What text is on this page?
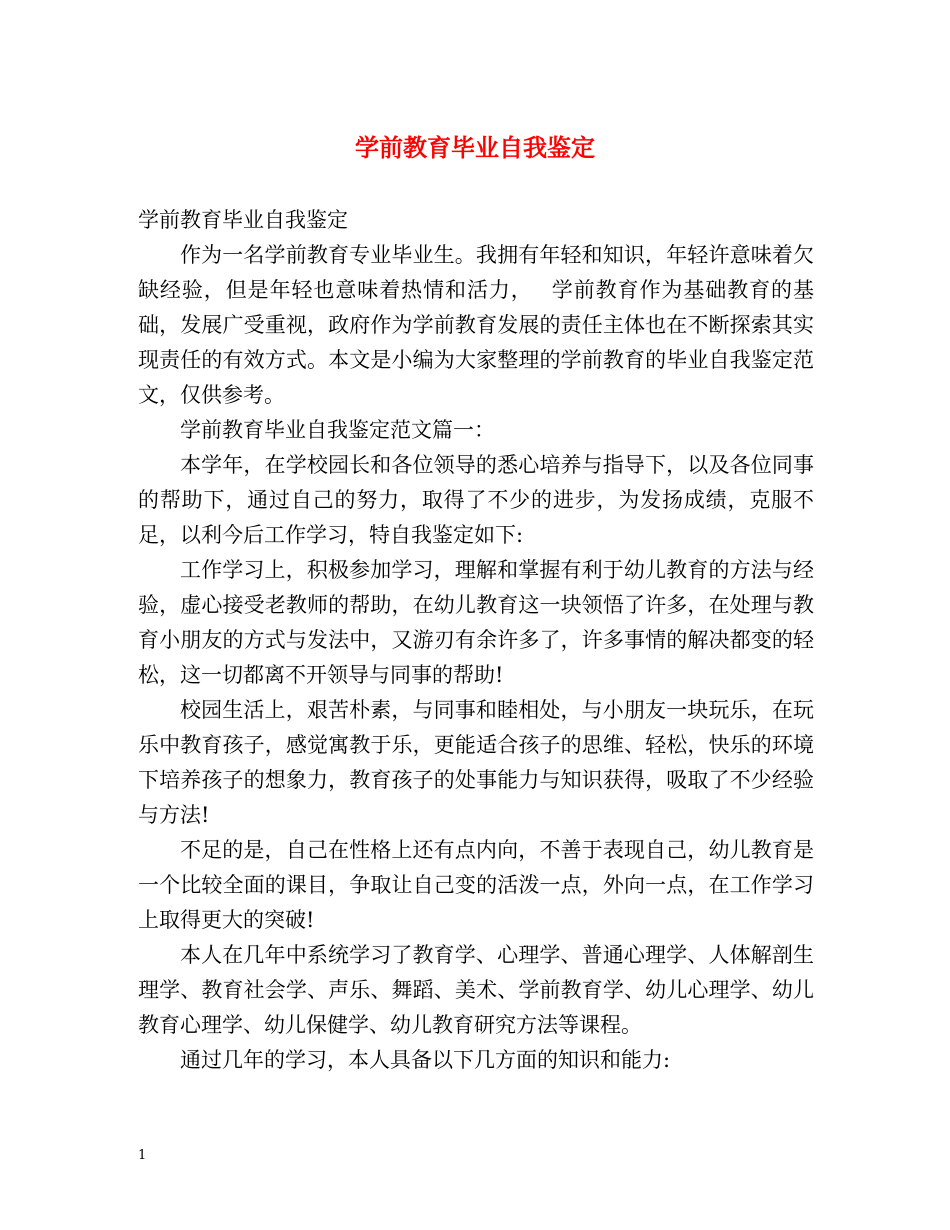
学前教育毕业自我鉴定

学前教育毕业自我鉴定

作为一名学前教育专业毕业生。我拥有年轻和知识，年轻许意味着欠缺经验，但是年轻也意味着热情和活力，　 学前教育作为基础教育的基础，发展广受重视，政府作为学前教育发展的责任主体也在不断探索其实现责任的有效方式。本文是小编为大家整理的学前教育的毕业自我鉴定范文，仅供参考。

学前教育毕业自我鉴定范文篇一：

本学年，在学校园长和各位领导的悉心培养与指导下，以及各位同事的帮助下，通过自己的努力，取得了不少的进步，为发扬成绩，克服不足，以利今后工作学习，特自我鉴定如下:

工作学习上，积极参加学习，理解和掌握有利于幼儿教育的方法与经验，虚心接受老教师的帮助，在幼儿教育这一块领悟了许多，在处理与教育小朋友的方式与发法中，又游刃有余许多了，许多事情的解决都变的轻松，这一切都离不开领导与同事的帮助!

校园生活上，艰苦朴素，与同事和睦相处，与小朋友一块玩乐，在玩乐中教育孩子，感觉寓教于乐，更能适合孩子的思维、轻松，快乐的环境下培养孩子的想象力，教育孩子的处事能力与知识获得，吸取了不少经验与方法!

不足的是，自己在性格上还有点内向，不善于表现自己，幼儿教育是一个比较全面的课目，争取让自己变的活泼一点，外向一点，在工作学习上取得更大的突破!

本人在几年中系统学习了教育学、心理学、普通心理学、人体解剖生理学、教育社会学、声乐、舞蹈、美术、学前教育学、幼儿心理学、幼儿教育心理学、幼儿保健学、幼儿教育研究方法等课程。

通过几年的学习，本人具备以下几方面的知识和能力:

1
